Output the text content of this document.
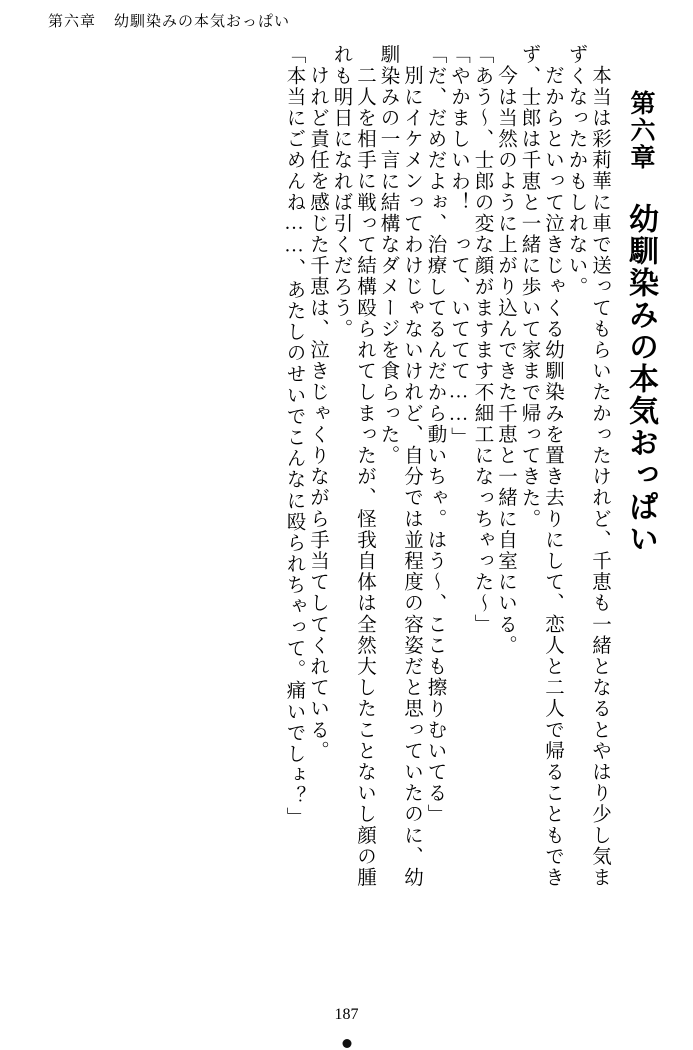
第六章 幼馴染みの本気おっぱい
第六章　幼馴染みの本気おっぱい
本当は彩莉華に車で送ってもらいたかったけれど、千恵も一緒となるとやはり少し気ま
ずくなったかもしれない。
だからといって泣きじゃくる幼馴染みを置き去りにして、恋人と二人で帰ることもでき
ず、士郎は千恵と一緒に歩いて家まで帰ってきた。
今は当然のように上がり込んできた千恵と一緒に自室にいる。
「あう～、士郎の変な顔がますます不細工になっちゃった～」
「やかましいわ！　って、いててて……」
「だ、だめだよぉ、治療してるんだから動いちゃ。はう～、ここも擦りむいてる」
別にイケメンってわけじゃないけれど、自分では並程度の容姿だと思っていたのに、幼
馴染みの一言に結構なダメージを食らった。
二人を相手に戦って結構殴られてしまったが、怪我自体は全然大したことないし顔の腫
れも明日になれば引くだろう。
けれど責任を感じた千恵は、泣きじゃくりながら手当てしてくれている。
「本当にごめんね……、あたしのせいでこんなに殴られちゃって。痛いでしょ？」
187
